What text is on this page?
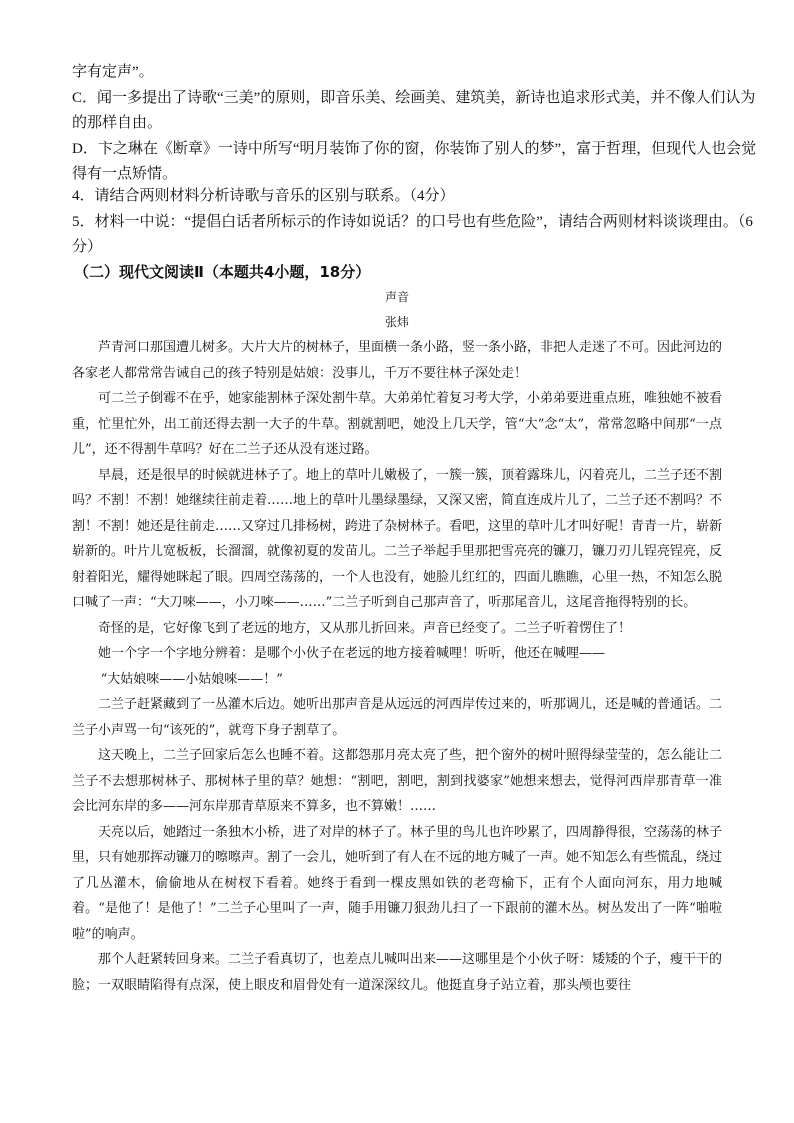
字有定声”。
C．闻一多提出了诗歌“三美”的原则，即音乐美、绘画美、建筑美，新诗也追求形式美，并不像人们认为
的那样自由。
D．卞之琳在《断章》一诗中所写“明月装饰了你的窗，你装饰了别人的梦”，富于哲理，但现代人也会觉
得有一点矫情。
4．请结合两则材料分析诗歌与音乐的区别与联系。（4分）
5．材料一中说：“提倡白话者所标示的作诗如说话？的口号也有些危险”，请结合两则材料谈谈理由。（6
分）
（二）现代文阅读Ⅱ（本题共4小题，18分）
声音
张炜

芦青河口那国遭儿树多。大片大片的树林子，里面横一条小路，竖一条小路，非把人走迷了不可。因此河边的各家老人都常常告诫自己的孩子特别是姑娘：没事儿，千万不要往林子深处走！

可二兰子倒霉不在乎，她家能割林子深处割牛草。大弟弟忙着复习考大学，小弟弟要进重点班，唯独她不被看重，忙里忙外，出工前还得去割一大子的牛草。割就割吧，她没上几天学，管“大”念“太”，常常忽略中间那“一点儿”，还不得割牛草吗？好在二兰子还从没有迷过路。

早晨，还是很早的时候就进林子了。地上的草叶儿嫩极了，一簇一簇，顶着露珠儿，闪着亮儿，二兰子还不割吗？不割！不割！她继续往前走着……地上的草叶儿墨绿墨绿，又深又密，简直连成片儿了，二兰子还不割吗？不割！不割！她还是往前走……又穿过几排杨树，跨进了杂树林子。看吧，这里的草叶儿才叫好呢！青青一片，崭新崭新的。叶片儿宽板板，长溜溜，就像初夏的发苗儿。二兰子举起手里那把雪亮亮的镰刀，镰刀刃儿锃亮锃亮，反射着阳光，耀得她眯起了眼。四周空荡荡的，一个人也没有，她脸儿红红的，四面儿瞧瞧，心里一热，不知怎么脱口喊了一声：“大刀唻——，小刀唻——……”二兰子听到自己那声音了，听那尾音儿，这尾音拖得特别的长。

奇怪的是，它好像飞到了老远的地方，又从那儿折回来。声音已经变了。二兰子听着愣住了！

她一个字一个字地分辨着：是哪个小伙子在老远的地方接着喊哩！听听，他还在喊哩——

“大姑娘唻——小姑娘唻——！”

二兰子赶紧藏到了一丛灌木后边。她听出那声音是从远远的河西岸传过来的，听那调儿，还是喊的普通话。二兰子小声骂一句“该死的”，就弯下身子割草了。

这天晚上，二兰子回家后怎么也睡不着。这都怨那月亮太亮了些，把个窗外的树叶照得绿莹莹的，怎么能让二兰子不去想那树林子、那树林子里的草？她想：“割吧，割吧，割到找婆家”她想来想去，觉得河西岸那青草一准会比河东岸的多——河东岸那青草原来不算多，也不算嫩！……

天亮以后，她踏过一条独木小桥，进了对岸的林子了。林子里的鸟儿也许吵累了，四周静得很，空荡荡的林子里，只有她那挥动镰刀的嚓嚓声。割了一会儿，她听到了有人在不远的地方喊了一声。她不知怎么有些慌乱，绕过了几丛灌木，偷偷地从在树杈下看着。她终于看到一棵皮黑如铁的老弯榆下，正有个人面向河东，用力地喊着。“是他了！是他了！”二兰子心里叫了一声，随手用镰刀狠劲儿扫了一下跟前的灌木丛。树丛发出了一阵“啪啦啦”的响声。

那个人赶紧转回身来。二兰子看真切了，也差点儿喊叫出来——这哪里是个小伙子呀：矮矮的个子，瘦干干的脸；一双眼睛陷得有点深，使上眼皮和眉骨处有一道深深纹儿。他挺直身子站立着，那头颅也要往
